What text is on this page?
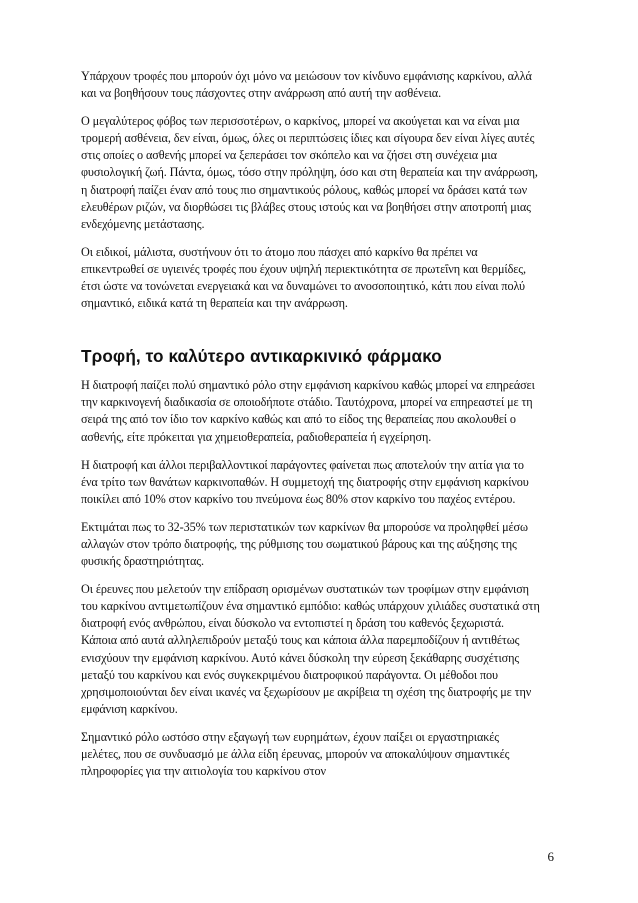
Υπάρχουν τροφές που μπορούν όχι μόνο να μειώσουν τον κίνδυνο εμφάνισης καρκίνου, αλλά και να βοηθήσουν τους πάσχοντες στην ανάρρωση από αυτή την ασθένεια.

Ο μεγαλύτερος φόβος των περισσοτέρων, ο καρκίνος, μπορεί να ακούγεται και να είναι μια τρομερή ασθένεια, δεν είναι, όμως, όλες οι περιπτώσεις ίδιες και σίγουρα δεν είναι λίγες αυτές στις οποίες ο ασθενής μπορεί να ξεπεράσει τον σκόπελο και να ζήσει στη συνέχεια μια φυσιολογική ζωή. Πάντα, όμως, τόσο στην πρόληψη, όσο και στη θεραπεία και την ανάρρωση, η διατροφή παίζει έναν από τους πιο σημαντικούς ρόλους, καθώς μπορεί να δράσει κατά των ελευθέρων ριζών, να διορθώσει τις βλάβες στους ιστούς και να βοηθήσει στην αποτροπή μιας ενδεχόμενης μετάστασης.

Οι ειδικοί, μάλιστα, συστήνουν ότι το άτομο που πάσχει από καρκίνο θα πρέπει να επικεντρωθεί σε υγιεινές τροφές που έχουν υψηλή περιεκτικότητα σε πρωτεΐνη και θερμίδες, έτσι ώστε να τονώνεται ενεργειακά και να δυναμώνει το ανοσοποιητικό, κάτι που είναι πολύ σημαντικό, ειδικά κατά τη θεραπεία και την ανάρρωση.

Τροφή, το καλύτερο αντικαρκινικό φάρμακο

Η διατροφή παίζει πολύ σημαντικό ρόλο στην εμφάνιση καρκίνου καθώς μπορεί να επηρεάσει την καρκινογενή διαδικασία σε οποιοδήποτε στάδιο. Ταυτόχρονα, μπορεί να επηρεαστεί με τη σειρά της από τον ίδιο τον καρκίνο καθώς και από το είδος της θεραπείας που ακολουθεί ο ασθενής, είτε πρόκειται για χημειοθεραπεία, ραδιοθεραπεία ή εγχείρηση.

Η διατροφή και άλλοι περιβαλλοντικοί παράγοντες φαίνεται πως αποτελούν την αιτία για το ένα τρίτο των θανάτων καρκινοπαθών. Η συμμετοχή της διατροφής στην εμφάνιση καρκίνου ποικίλει από 10% στον καρκίνο του πνεύμονα έως 80% στον καρκίνο του παχέος εντέρου.

Εκτιμάται πως το 32-35% των περιστατικών των καρκίνων θα μπορούσε να προληφθεί μέσω αλλαγών στον τρόπο διατροφής, της ρύθμισης του σωματικού βάρους και της αύξησης της φυσικής δραστηριότητας.

Οι έρευνες που μελετούν την επίδραση ορισμένων συστατικών των τροφίμων στην εμφάνιση του καρκίνου αντιμετωπίζουν ένα σημαντικό εμπόδιο: καθώς υπάρχουν χιλιάδες συστατικά στη διατροφή ενός ανθρώπου, είναι δύσκολο να εντοπιστεί η δράση του καθενός ξεχωριστά. Κάποια από αυτά αλληλεπιδρούν μεταξύ τους και κάποια άλλα παρεμποδίζουν ή αντιθέτως ενισχύουν την εμφάνιση καρκίνου. Αυτό κάνει δύσκολη την εύρεση ξεκάθαρης συσχέτισης μεταξύ του καρκίνου και ενός συγκεκριμένου διατροφικού παράγοντα. Οι μέθοδοι που χρησιμοποιούνται δεν είναι ικανές να ξεχωρίσουν με ακρίβεια τη σχέση της διατροφής με την εμφάνιση καρκίνου.

Σημαντικό ρόλο ωστόσο στην εξαγωγή των ευρημάτων, έχουν παίξει οι εργαστηριακές μελέτες, που σε συνδυασμό με άλλα είδη έρευνας, μπορούν να αποκαλύψουν σημαντικές πληροφορίες για την αιτιολογία του καρκίνου στον

6
